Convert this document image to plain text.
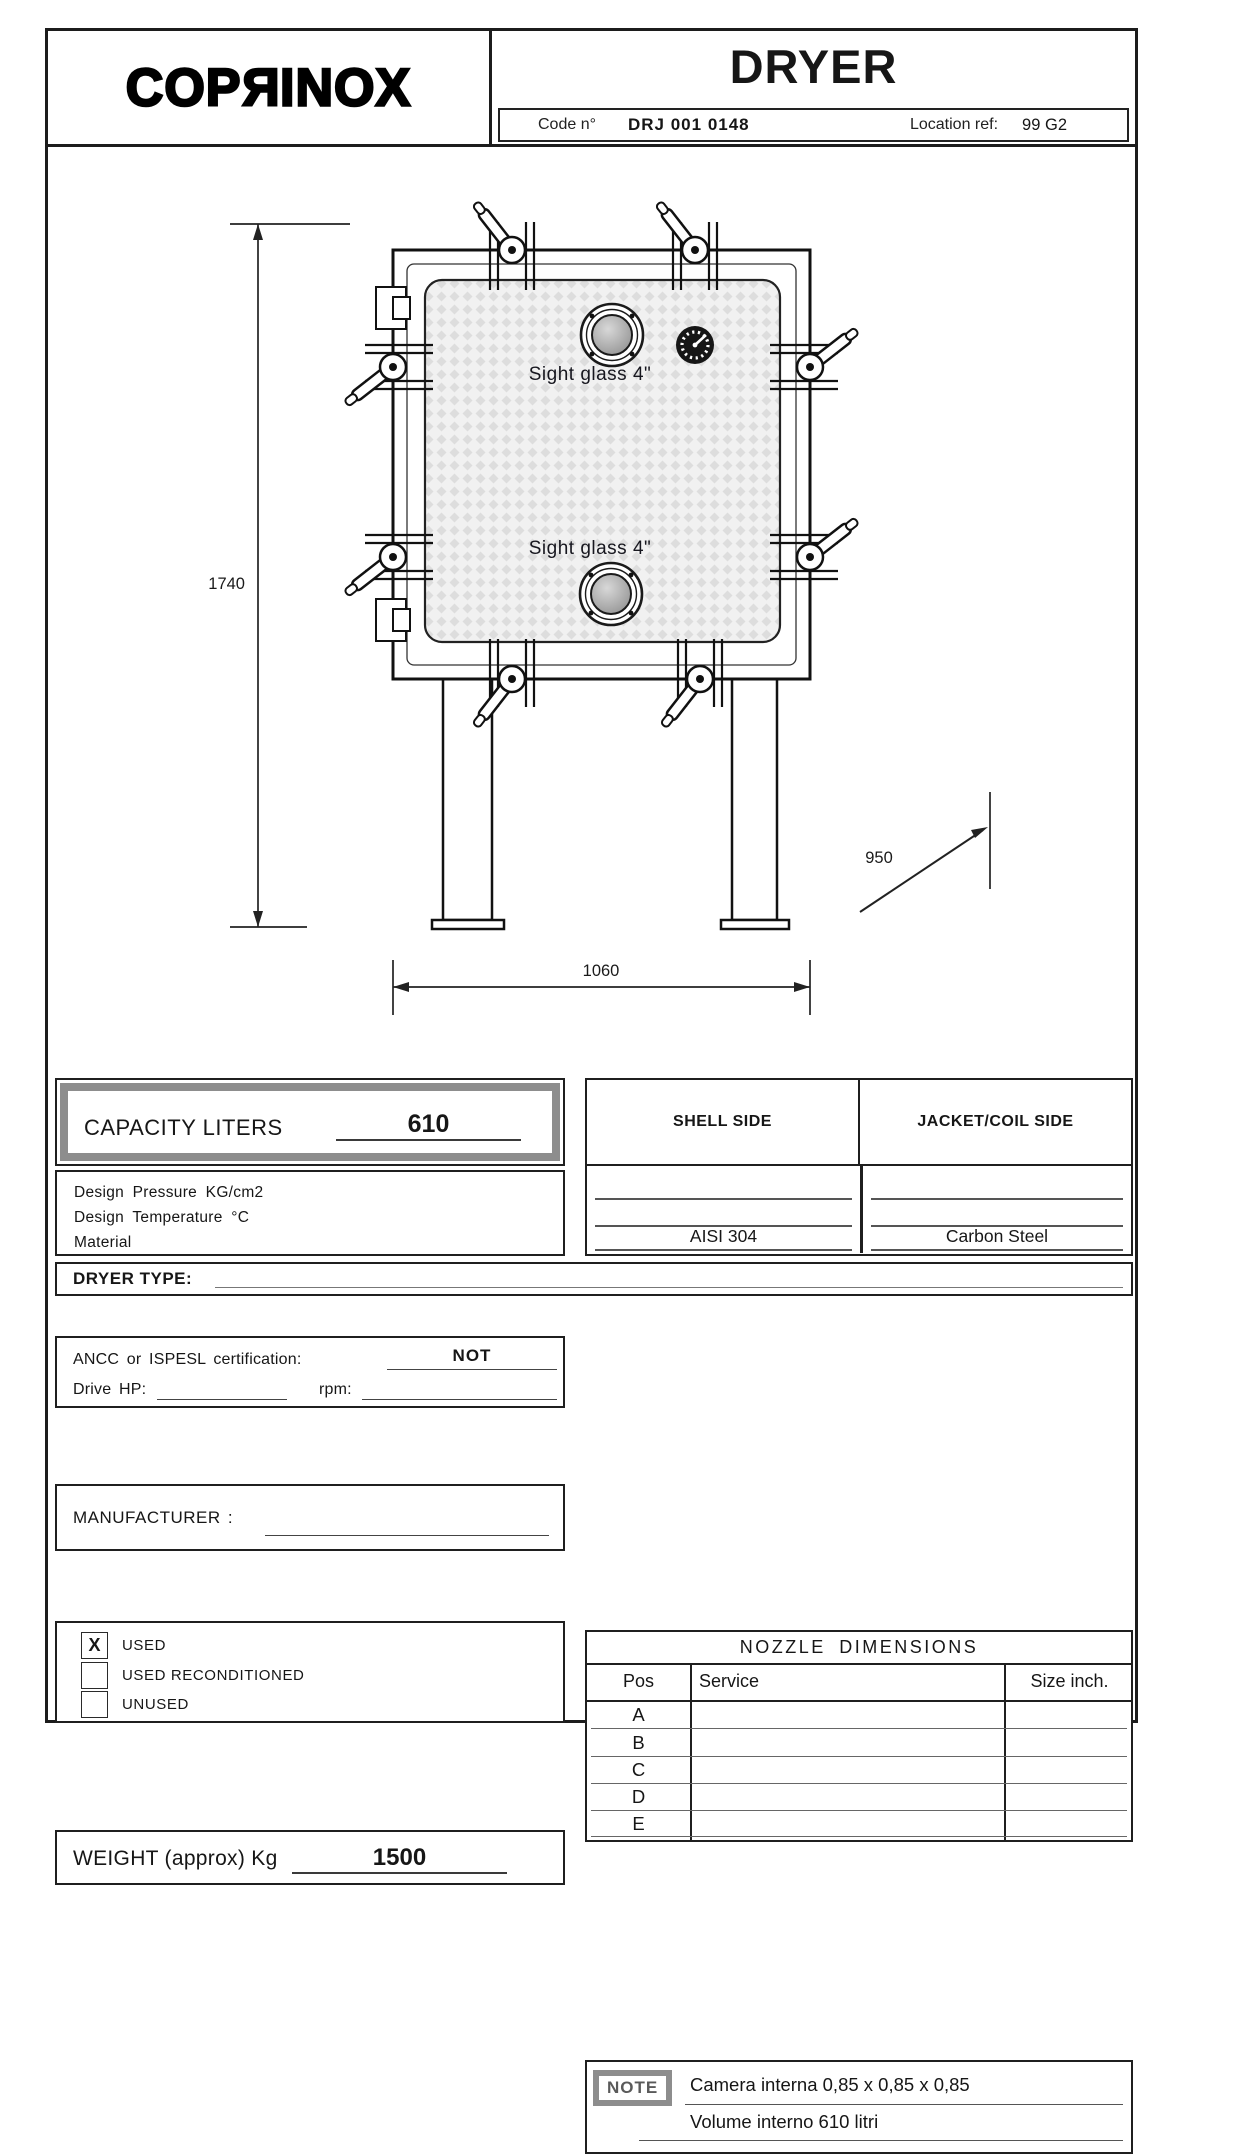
COPRINOX	DRYER
Code n° DRJ 001 0148	Location ref: 99 G2
Sight glass 4"
Sight glass 4"
1740
1060
950
CAPACITY LITERS	610
Design Pressure KG/cm2
Design Temperature °C
Material
SHELL SIDE	JACKET/COIL SIDE
AISI 304	Carbon Steel
DRYER TYPE:
ANCC or ISPESL certification:	NOT
Drive HP:	rpm:
MANUFACTURER :
X	USED
USED RECONDITIONED
UNUSED
WEIGHT (approx) Kg	1500
NOZZLE DIMENSIONS
Pos	Service	Size inch.
A
B
C
D
E
NOTE	Camera interna 0,85 x 0,85 x 0,85
Volume interno 610 litri
